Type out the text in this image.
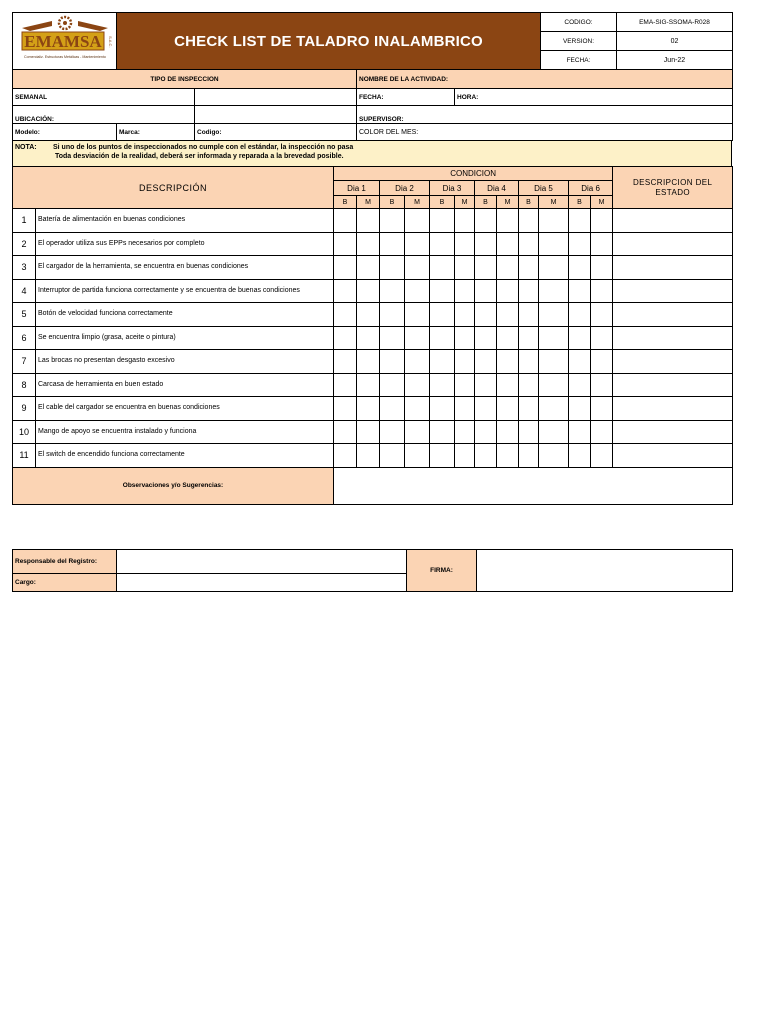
EMAMSA S.A.C.
Comercializ. Estructuras Metálicas - Mantenimiento	CHECK LIST DE TALADRO INALAMBRICO	CODIGO:	EMA-SIG-SSOMA-R028
		VERSION:	02
		FECHA:	Jun-22
TIPO DE INSPECCION			NOMBRE DE LA ACTIVIDAD:	
SEMANAL			FECHA:	HORA:
UBICACIÓN:			SUPERVISOR:	
Modelo:	Marca:	Codigo:	COLOR DEL MES:	
NOTA: Si uno de los puntos de inspeccionados no cumple con el estándar, la inspección no pasa
Toda desviación de la realidad, deberá ser informada y reparada a la brevedad posible.
DESCRIPCIÓN		CONDICION												DESCRIPCION DEL ESTADO
		Dia 1		Dia 2		Dia 3		Dia 4		Dia 5		Dia 6		
		B	M	B	M	B	M	B	M	B	M	B	M	
1	Batería de alimentación en buenas condiciones													
2	El operador utiliza sus EPPs necesarios por completo													
3	El cargador de la herramienta, se encuentra en buenas condiciones													
4	Interruptor de partida funciona correctamente y se encuentra de buenas condiciones													
5	Botón de velocidad funciona correctamente													
6	Se encuentra limpio (grasa, aceite o pintura)													
7	Las brocas no presentan desgasto excesivo													
8	Carcasa de herramienta en buen estado													
9	El cable del cargador se encuentra en buenas condiciones													
10	Mango de apoyo se encuentra instalado y funciona													
11	El switch de encendido funciona correctamente													
Observaciones y/o Sugerencias:														
Responsable del Registro:		FIRMA:	
Cargo:			
